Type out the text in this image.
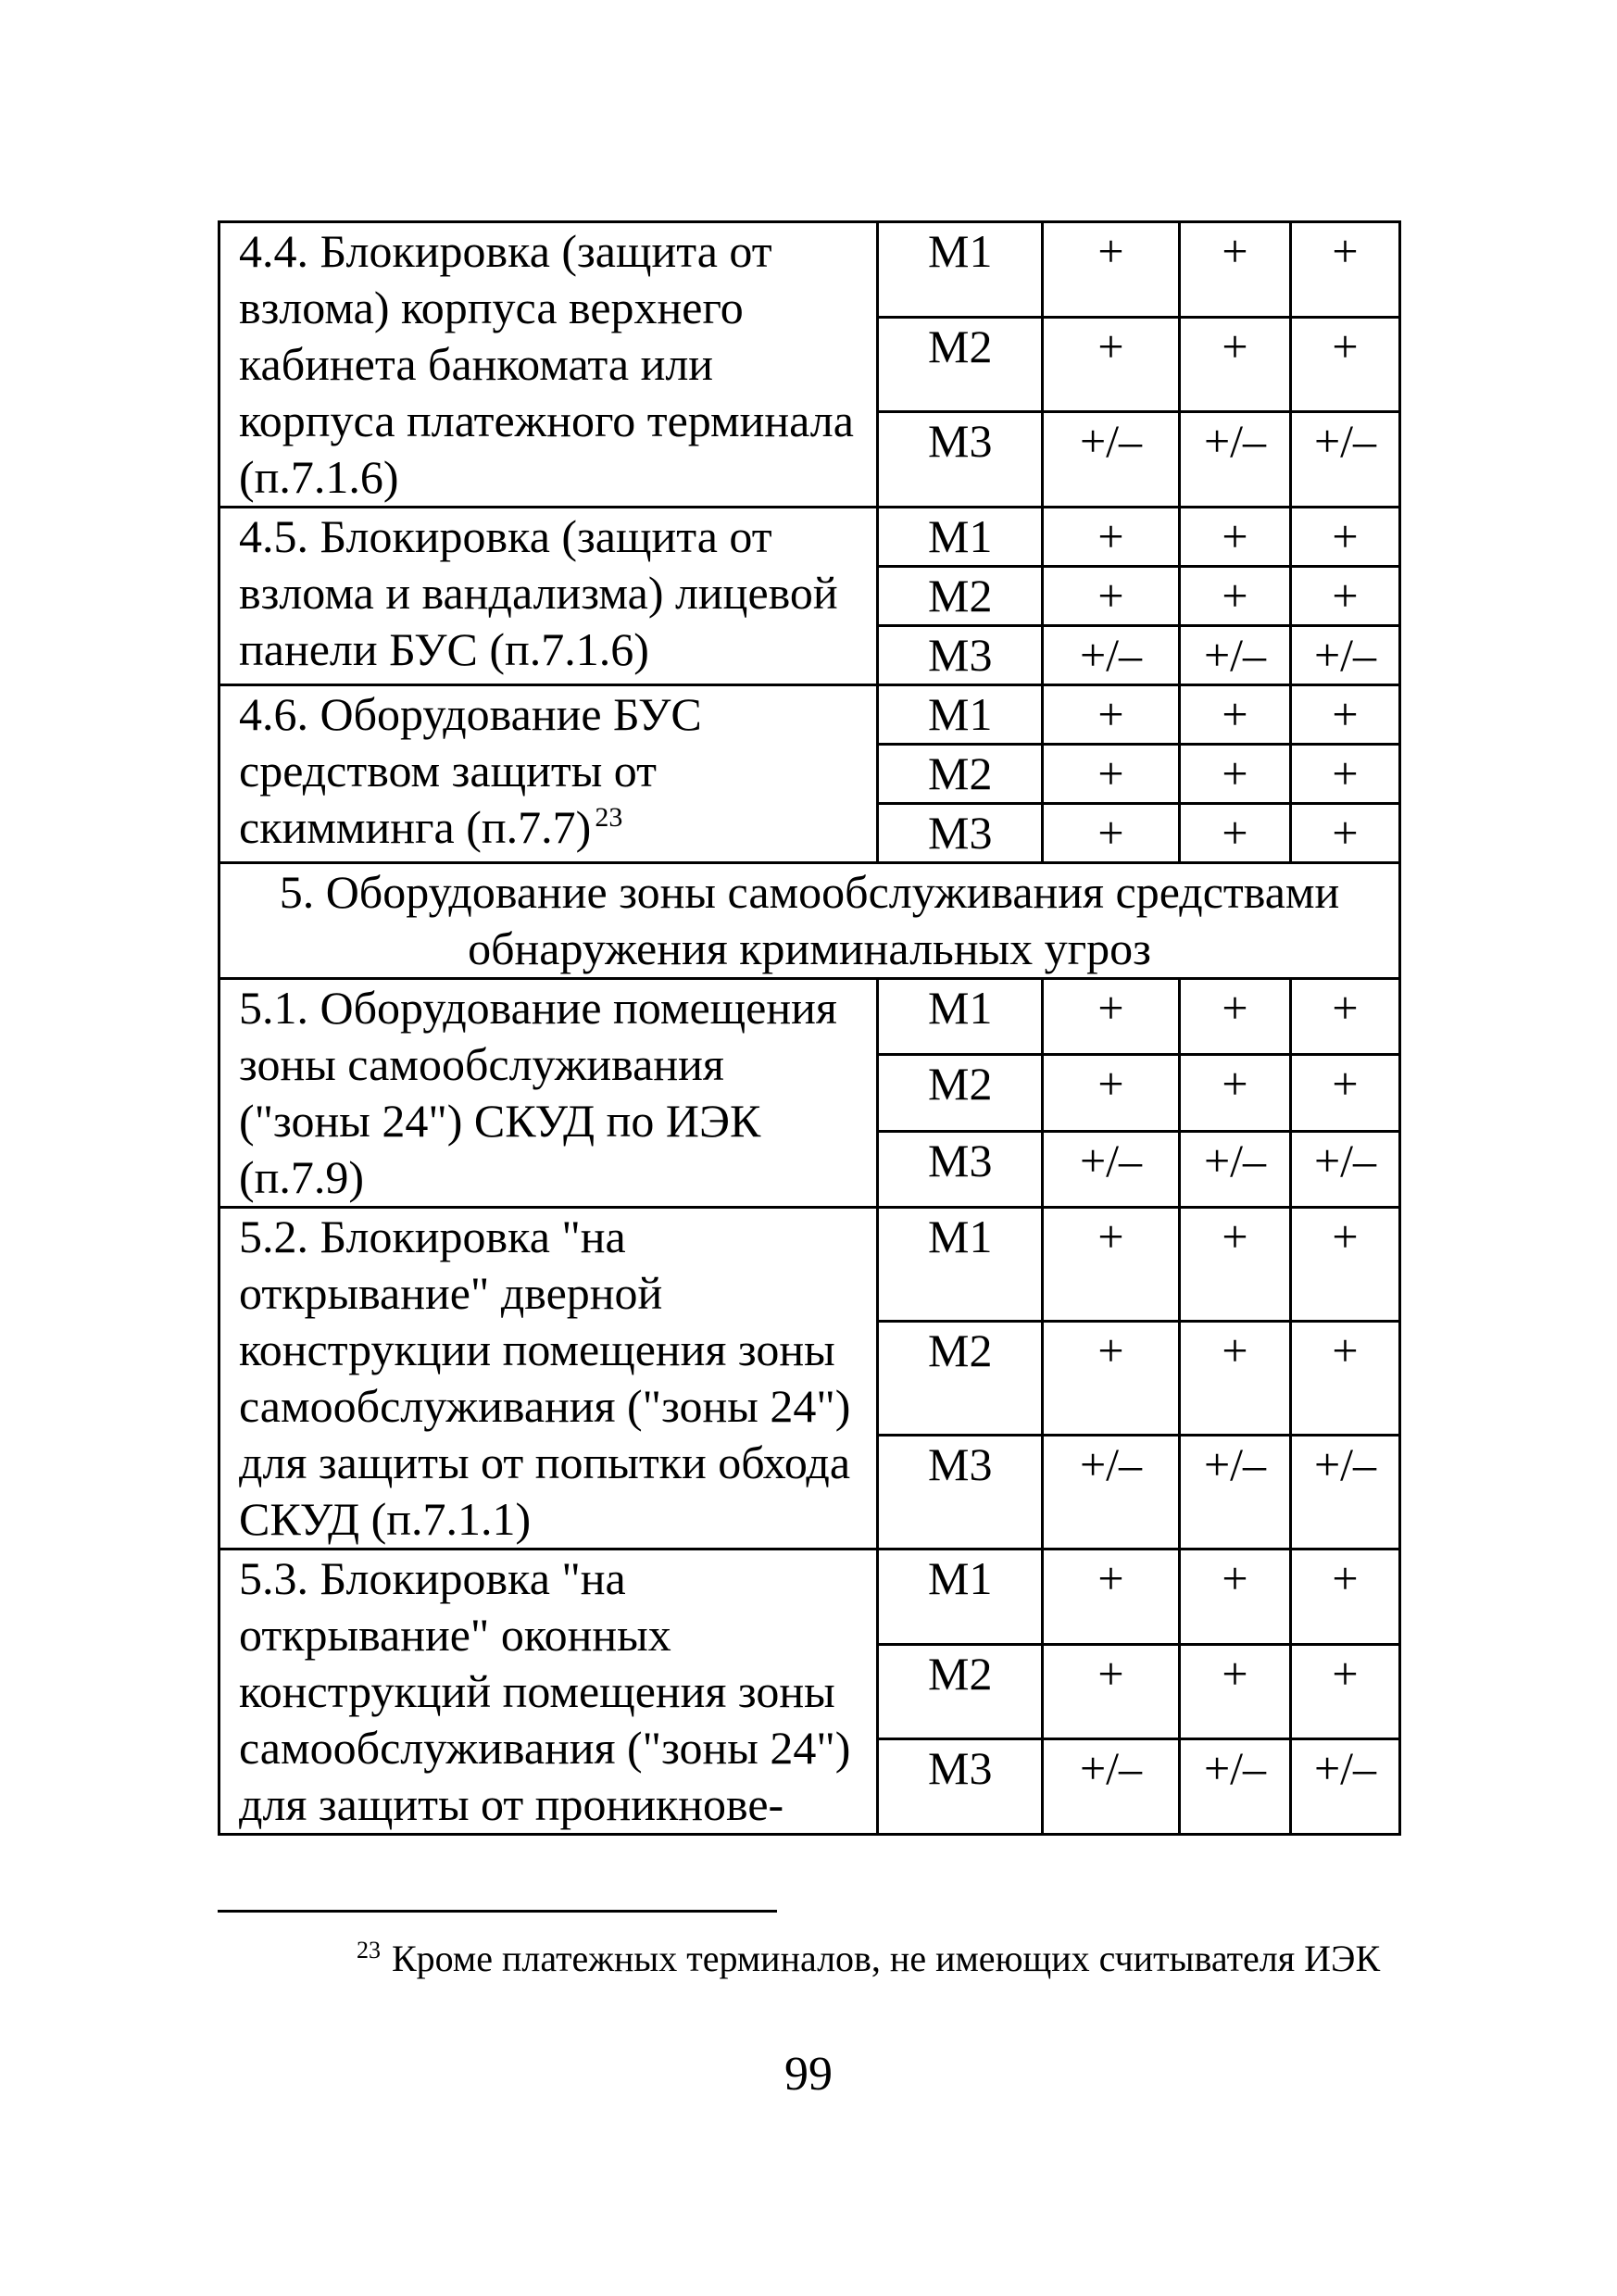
4.4. Блокировка (защита от взлома) корпуса верхнего кабинета банкомата или корпуса платежного терминала (п.7.1.6)	М1	+	+	+
	М2	+	+	+
	М3	+/–	+/–	+/–
4.5. Блокировка (защита от взлома и вандализма) лицевой панели БУС (п.7.1.6)	М1	+	+	+
	М2	+	+	+
	М3	+/–	+/–	+/–
4.6. Оборудование БУС средством защиты от скимминга (п.7.7) $^{23}$	М1	+	+	+
	М2	+	+	+
	М3	+	+	+
5. Оборудование зоны самообслуживания средствами обнаружения криминальных угроз				
5.1. Оборудование помещения зоны самообслуживания ("зоны 24") СКУД по ИЭК (п.7.9)	М1	+	+	+
	М2	+	+	+
	М3	+/–	+/–	+/–
5.2. Блокировка "на открывание" дверной конструкции помещения зоны самообслуживания ("зоны 24") для защиты от попытки обхода СКУД (п.7.1.1)	М1	+	+	+
	М2	+	+	+
	М3	+/–	+/–	+/–
5.3. Блокировка "на открывание" оконных конструкций помещения зоны самообслуживания ("зоны 24") для защиты от проникнове-	М1	+	+	+
	М2	+	+	+
	М3	+/–	+/–	+/–
$^{23}$ Кроме платежных терминалов, не имеющих считывателя ИЭК
99
